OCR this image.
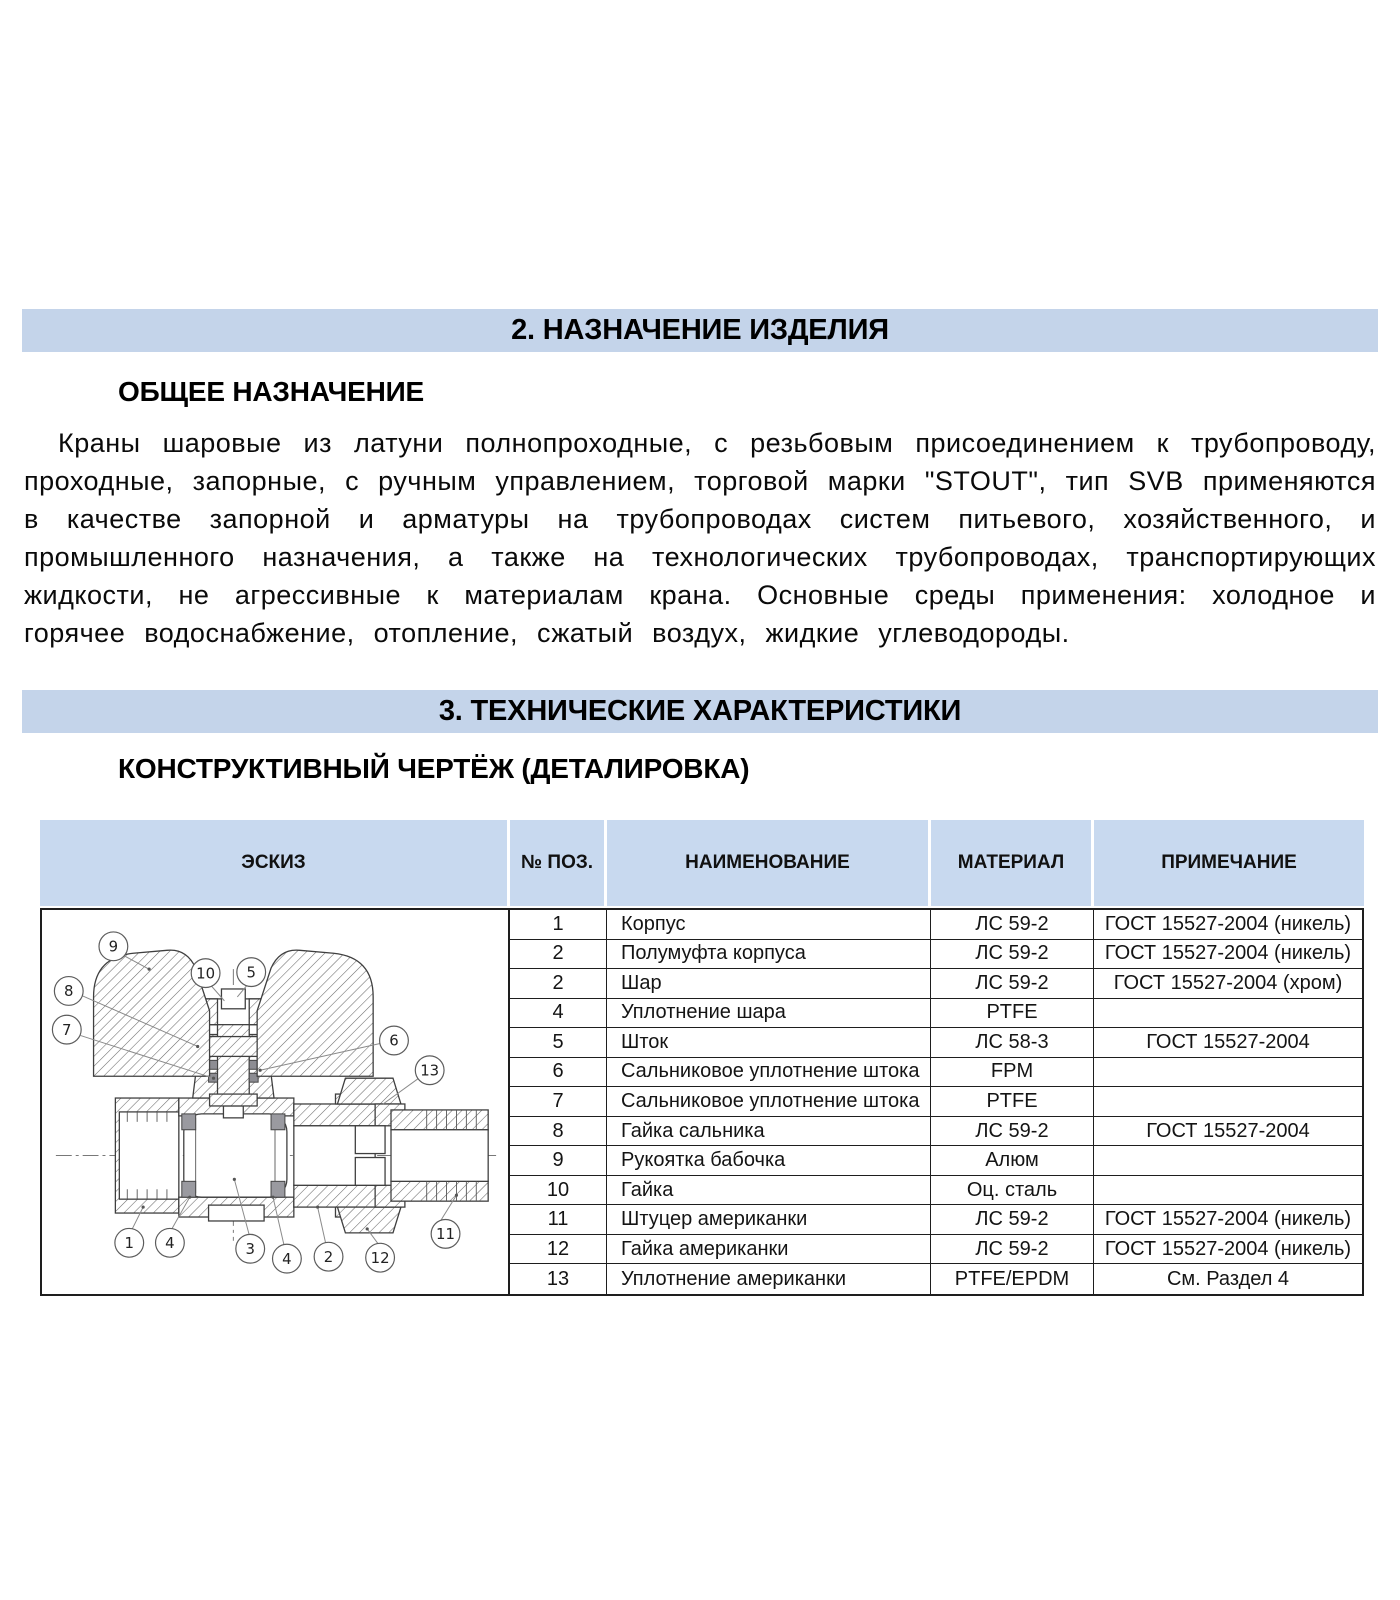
2. НАЗНАЧЕНИЕ ИЗДЕЛИЯ
ОБЩЕЕ НАЗНАЧЕНИЕ
Краны шаровые из латуни полнопроходные, с резьбовым присоединением к трубопроводу, проходные, запорные, с ручным управлением, торговой марки "STOUT", тип SVB применяются в качестве запорной и арматуры на трубопроводах систем питьевого, хозяйственного, и промышленного назначения, а также на технологических трубопроводах, транспортирующих жидкости, не агрессивные к материалам крана. Основные среды применения: холодное и горячее водоснабжение, отопление, сжатый воздух, жидкие углеводороды.
3. ТЕХНИЧЕСКИЕ ХАРАКТЕРИСТИКИ
КОНСТРУКТИВНЫЙ ЧЕРТЁЖ (ДЕТАЛИРОВКА)
ЭСКИЗ	№ ПОЗ.	НАИМЕНОВАНИЕ	МАТЕРИАЛ	ПРИМЕЧАНИЕ
9
10 5
8
7
6
13
1 4	3
4 2 12
11
1	Корпус	ЛС 59-2	ГОСТ 15527-2004 (никель)
2	Полумуфта корпуса	ЛС 59-2	ГОСТ 15527-2004 (никель)
2	Шар	ЛС 59-2	ГОСТ 15527-2004 (хром)
4	Уплотнение шара	PTFE
5	Шток	ЛС 58-3	ГОСТ 15527-2004
6	Сальниковое уплотнение штока	FPM
7	Сальниковое уплотнение штока	PTFE
8	Гайка сальника	ЛС 59-2	ГОСТ 15527-2004
9	Рукоятка бабочка	Алюм
10	Гайка	Оц. сталь
11	Штуцер американки	ЛС 59-2	ГОСТ 15527-2004 (никель)
12	Гайка американки	ЛС 59-2	ГОСТ 15527-2004 (никель)
13	Уплотнение американки	PTFE/EPDM	См. Раздел 4
